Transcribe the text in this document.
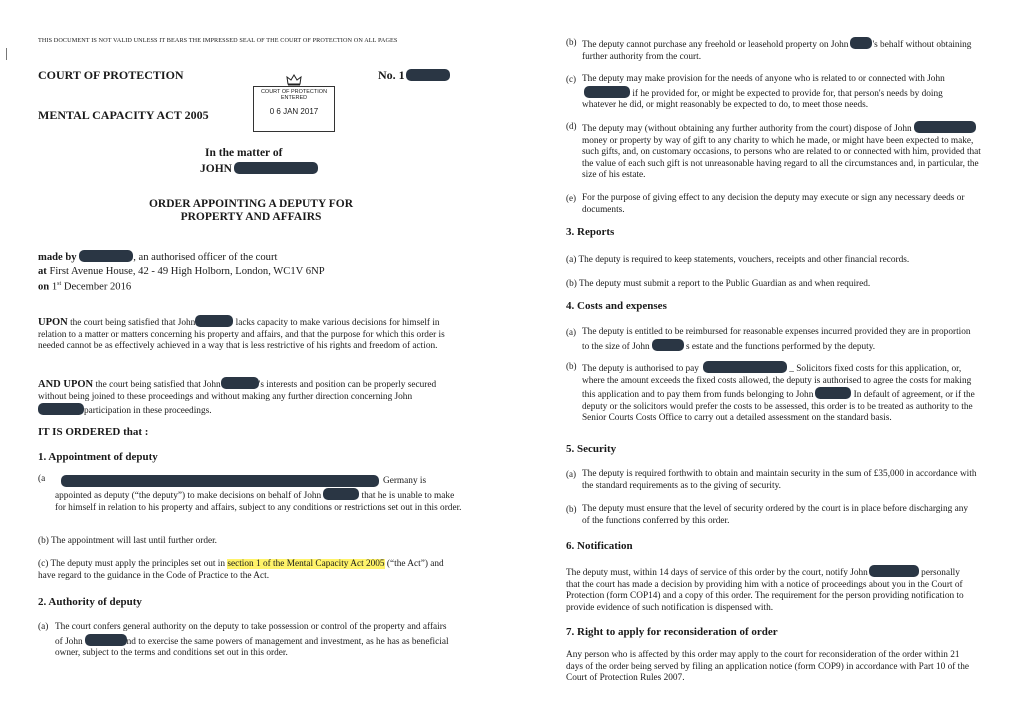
THIS DOCUMENT IS NOT VALID UNLESS IT BEARS THE IMPRESSED SEAL OF THE COURT OF PROTECTION ON ALL PAGES
COURT OF PROTECTION
MENTAL CAPACITY ACT 2005
No. 1
COURT OF PROTECTION
ENTERED
0 6 JAN 2017
In the matter of
JOHN
ORDER APPOINTING A DEPUTY FOR
PROPERTY AND AFFAIRS
made by	, an authorised officer of the court
at First Avenue House, 42 - 49 High Holborn, London, WC1V 6NP
on 1st December 2016
UPON the court being satisfied that John	lacks capacity to make various decisions for himself in relation to a matter or matters concerning his property and affairs, and that the purpose for which this order is needed cannot be as effectively achieved in a way that is less restrictive of his rights and freedom of action.
AND UPON the court being satisfied that John	's interests and position can be properly secured without being joined to these proceedings and without making any further direction concerning Johnparticipation in these proceedings.
IT IS ORDERED that :
1. Appointment of deputy
(a	Germany is
appointed as deputy (“the deputy”) to make decisions on behalf of John	that he is unable to make for himself in relation to his property and affairs, subject to any conditions or restrictions set out in this order.
(b) The appointment will last until further order.
(c) The deputy must apply the principles set out in section 1 of the Mental Capacity Act 2005 (“the Act”) and have regard to the guidance in the Code of Practice to the Act.
2. Authority of deputy
(a) The court confers general authority on the deputy to take possession or control of the property and affairs of John	nd to exercise the same powers of management and investment, as he has as beneficial owner, subject to the terms and conditions set out in this order.
(b) The deputy cannot purchase any freehold or leasehold property on John	's behalf without obtaining further authority from the court.
(c) The deputy may make provision for the needs of anyone who is related to or connected with John if he provided for, or might be expected to provide for, that person's needs by doing whatever he did, or might reasonably be expected to do, to meet those needs.
(d) The deputy may (without obtaining any further authority from the court) dispose of Johnmoney or property by way of gift to any charity to which he made, or might have been expected to make, such gifts, and, on customary occasions, to persons who are related to or connected with him, provided that the value of each such gift is not unreasonable having regard to all the circumstances and, in particular, the size of his estate.
(e) For the purpose of giving effect to any decision the deputy may execute or sign any necessary deeds or documents.
3. Reports
(a) The deputy is required to keep statements, vouchers, receipts and other financial records.
(b) The deputy must submit a report to the Public Guardian as and when required.
4. Costs and expenses
(a) The deputy is entitled to be reimbursed for reasonable expenses incurred provided they are in proportion to the size of John	s estate and the functions performed by the deputy.
(b) The deputy is authorised to pay	_ Solicitors fixed costs for this application, or, where the amount exceeds the fixed costs allowed, the deputy is authorised to agree the costs for making this application and to pay them from funds belonging to John	In default of agreement, or if the deputy or the solicitors would prefer the costs to be assessed, this order is to be treated as authority to the Senior Courts Costs Office to carry out a detailed assessment on the standard basis.
5. Security
(a) The deputy is required forthwith to obtain and maintain security in the sum of £35,000 in accordance with the standard requirements as to the giving of security.
(b) The deputy must ensure that the level of security ordered by the court is in place before discharging any of the functions conferred by this order.
6. Notification
The deputy must, within 14 days of service of this order by the court, notify John	personally that the court has made a decision by providing him with a notice of proceedings about you in the Court of Protection (form COP14) and a copy of this order. The requirement for the person providing notification to provide evidence of such notification is dispensed with.
7. Right to apply for reconsideration of order
Any person who is affected by this order may apply to the court for reconsideration of the order within 21 days of the order being served by filing an application notice (form COP9) in accordance with Part 10 of the Court of Protection Rules 2007.
